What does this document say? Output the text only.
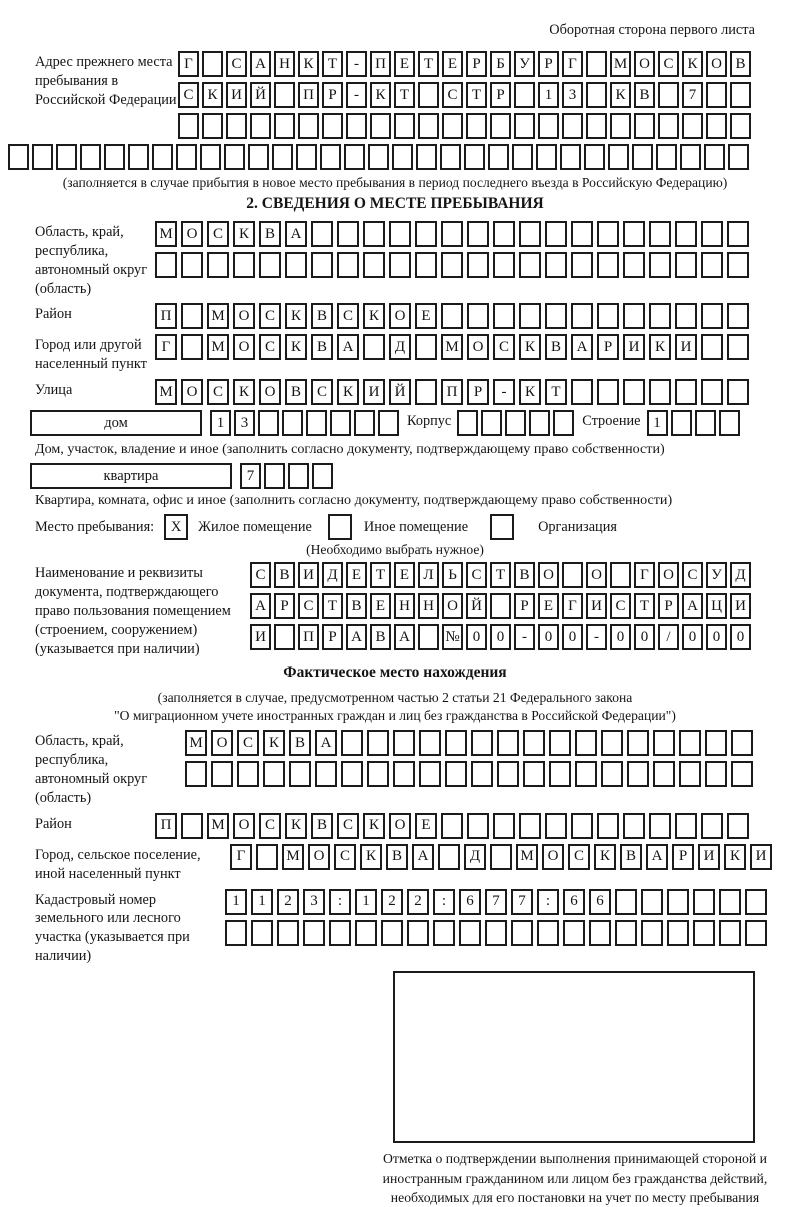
Оборотная сторона первого листа
Адрес прежнего места пребывания в Российской Федерации
Г	С А Н К Т	-	П Е Т Е	Р	Б У Р	Г	М О С К О В
С К И Й	П Р	-	К Т	С Т	Р	1	3	К В	7
(заполняется в случае прибытия в новое место пребывания в период последнего въезда в Российскую Федерацию)
2. СВЕДЕНИЯ О МЕСТЕ ПРЕБЫВАНИЯ
Область, край, республика, автономный округ (область)
М О	С	К	В	А
Район	П	М О	С	К	В	С	К	О	Е
Город или другой населенный пункт
Г	М О	С	К	В	А	Д	М О	С	К	В	А	Р	И	К	И
Улица	М О	С	К	О	В	С	К	И	Й	П	Р	-	К	Т
дом	1	3	Корпус	Строение 1
Дом, участок, владение и иное (заполнить согласно документу, подтверждающему право собственности)
квартира	7
Квартира, комната, офис и иное (заполнить согласно документу, подтверждающему право собственности)
Место пребывания:	X	Жилое помещение	Иное помещение	Организация
(Необходимо выбрать нужное)
Наименование и реквизиты документа, подтверждающего право пользования помещением (строением, сооружением) (указывается при наличии)
С В И Д Е Т Е Л Ь С Т В О	О	Г О С У Д
А Р С Т В Е Н Н О Й	Р	Е	Г И С Т	Р А Ц И
И	П Р А В А	№ 0	0	-	0	0	-	0	0	/	0	0	0
Фактическое место нахождения
(заполняется в случае, предусмотренном частью 2 статьи 21 Федерального закона
"О миграционном учете иностранных граждан и лиц без гражданства в Российской Федерации")
Область, край, республика, автономный округ (область)
М О	С	К	В	А
Район	П	М О	С	К	В	С	К	О	Е
Город, сельское поселение, иной населенный пункт
Г	М О	С	К	В	А	Д	М О	С	К	В	А	Р	И	К	И
Кадастровый номер земельного или лесного участка (указывается при наличии)
1	1	2	3	:	1	2	2	:	6	7	7	:	6	6
Отметка о подтверждении выполнения принимающей стороной и иностранным гражданином или лицом без гражданства действий, необходимых для его постановки на учет по месту пребывания
